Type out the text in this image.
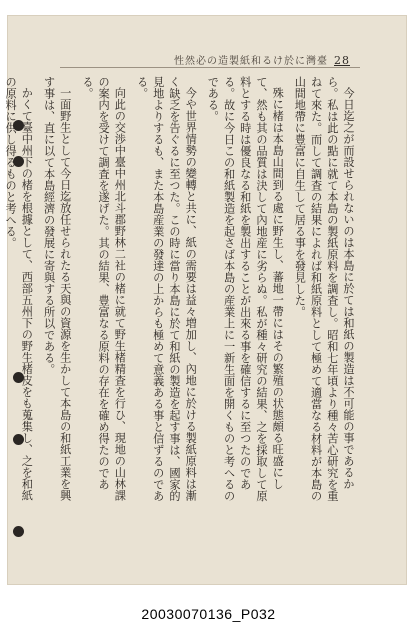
性然必の造製紙和るけ於に灣臺 28

今日迄之が而設せられないのは本島に於ては和紙の製造は不可能の事であるから。私は此の點に就て本島の製紙原料を調査し。昭和七年頃より種々苦心研究を重ねて來た。而して調査の結果によれば和紙原料として極めて適當なる材料が本島の山間地帶に豊富に自生して居る事を發見した。

殊に楮は本島山間到る處に野生し、蕃地一帶にはその繁殖の状態頗る旺盛にして、然も其の品質は決して內地産に劣らぬ。私が種々研究の結果、之を採取して原料とする時は優良なる和紙を製出することが出來る事を確信するに至つたのである。故に今日この和紙製造を起さば本島の産業上に一新生面を開くものと考へるのである。

今や世界情勢の變轉と共に、紙の需要は益々増加し、內地に於ける製紙原料は漸く缺乏を告ぐるに至つた。この時に當り本島に於て和紙の製造を起す事は、國家的見地よりするも、また本島産業の發達の上からも極めて意義ある事と信ずるのである。

向此の交渉中臺中州北斗郡野林二社の楮に就て野生楮精査を行ひ、現地の山林課の案内を受けて調査を遂げた。其の結果、豊富なる原料の存在を確め得たのである。

一面野生として今日迄放任せられたる天與の資源を生かして本島の和紙工業を興す事は、直に以て本島經濟の發展に寄與する所以である。

かくて臺中州下の楮を根據として、西部五州下の野生楮皮をも蒐集し、之を和紙の原料に供し得るものと考へる。

20030070136_P032
